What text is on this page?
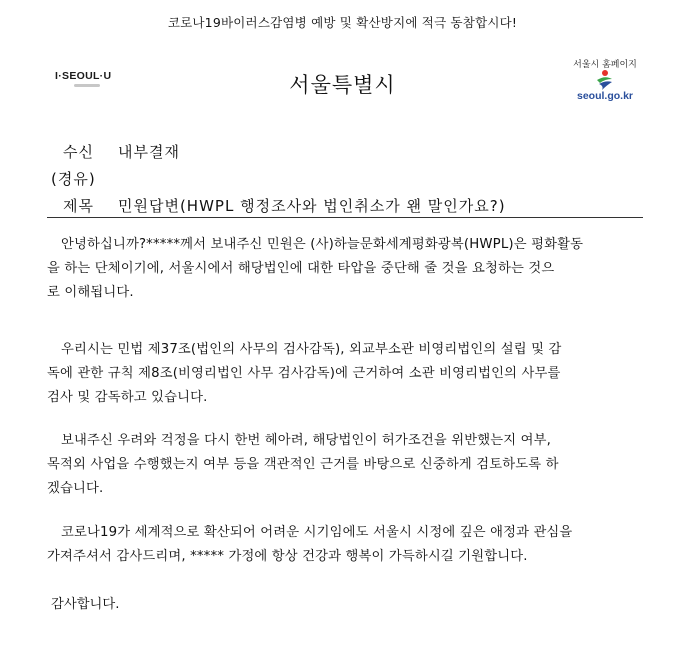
코로나19바이러스감염병 예방 및 확산방지에 적극 동참합시다!
I·SEOUL·U	서울특별시
서울시 홈페이지
seoul.go.kr
수신 내부결재
(경유)
제목 민원답변(HWPL 행정조사와 법인취소가 왠 말인가요?)
안녕하십니까?*****께서 보내주신 민원은 (사)하늘문화세계평화광복(HWPL)은 평화활동
을 하는 단체이기에, 서울시에서 해당법인에 대한 타압을 중단해 줄 것을 요청하는 것으
로 이해됩니다.
우리시는 민법 제37조(법인의 사무의 검사감독), 외교부소관 비영리법인의 설립 및 감
독에 관한 규칙 제8조(비영리법인 사무 검사감독)에 근거하여 소관 비영리법인의 사무를
검사 및 감독하고 있습니다.
보내주신 우려와 걱정을 다시 한번 헤아려, 해당법인이 허가조건을 위반했는지 여부,
목적외 사업을 수행했는지 여부 등을 객관적인 근거를 바탕으로 신중하게 검토하도록 하
겠습니다.
코로나19가 세계적으로 확산되어 어려운 시기임에도 서울시 시정에 깊은 애정과 관심을
가져주셔서 감사드리며, ***** 가정에 항상 건강과 행복이 가득하시길 기원합니다.
감사합니다.
